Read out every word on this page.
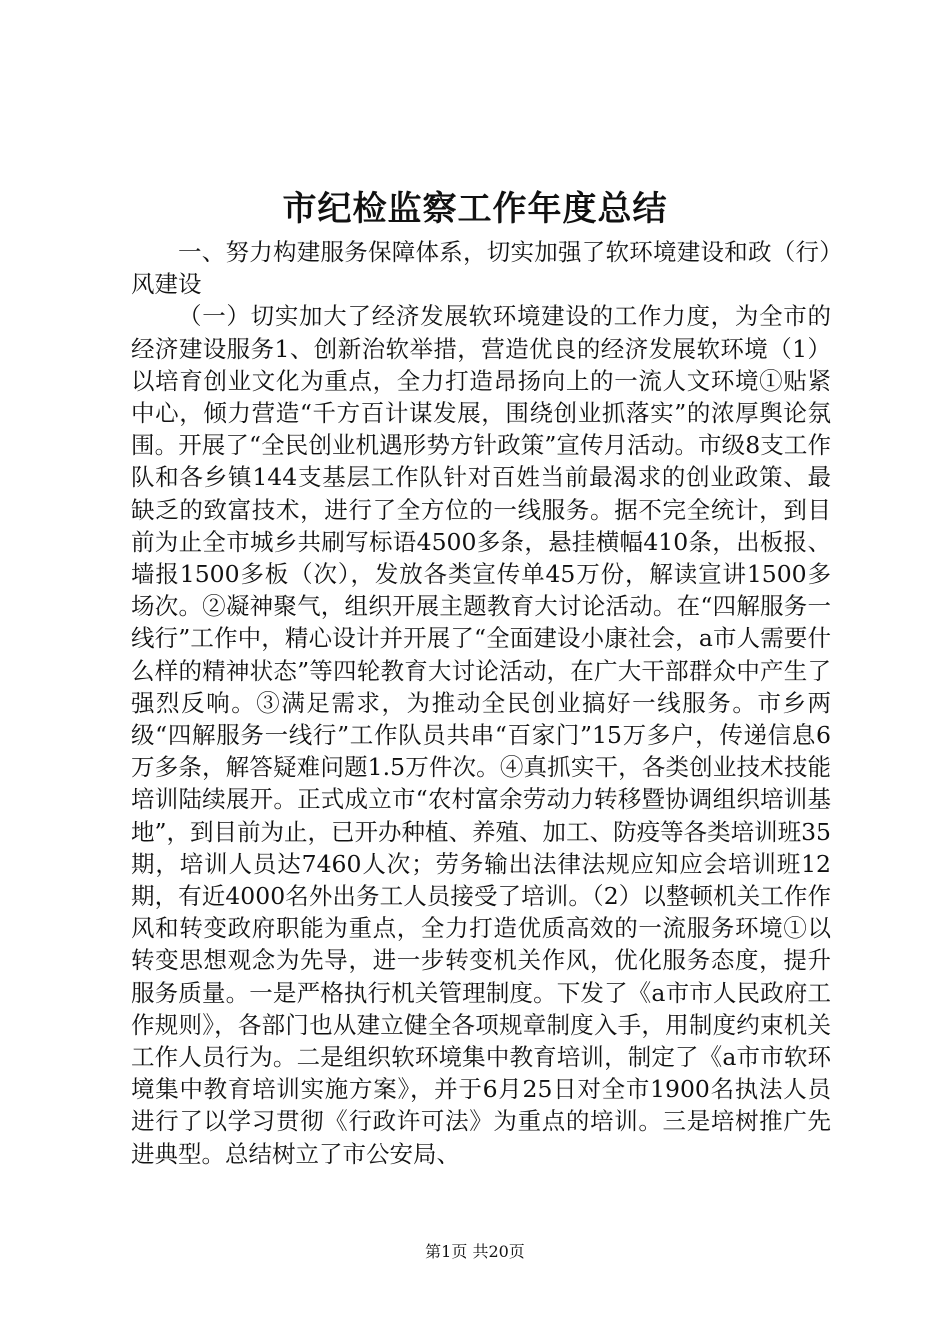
市纪检监察工作年度总结

一、努力构建服务保障体系，切实加强了软环境建设和政（行）风建设

（一）切实加大了经济发展软环境建设的工作力度，为全市的经济建设服务1、创新治软举措，营造优良的经济发展软环境（1）以培育创业文化为重点，全力打造昂扬向上的一流人文环境①贴紧中心，倾力营造“千方百计谋发展，围绕创业抓落实”的浓厚舆论氛围。开展了“全民创业机遇形势方针政策”宣传月活动。市级8支工作队和各乡镇144支基层工作队针对百姓当前最渴求的创业政策、最缺乏的致富技术，进行了全方位的一线服务。据不完全统计，到目前为止全市城乡共刷写标语4500多条，悬挂横幅410条，出板报、墙报1500多板（次），发放各类宣传单45万份，解读宣讲1500多场次。②凝神聚气，组织开展主题教育大讨论活动。在“四解服务一线行”工作中，精心设计并开展了“全面建设小康社会，a市人需要什么样的精神状态”等四轮教育大讨论活动，在广大干部群众中产生了强烈反响。③满足需求，为推动全民创业搞好一线服务。市乡两级“四解服务一线行”工作队员共串“百家门”15万多户，传递信息6万多条，解答疑难问题1.5万件次。④真抓实干，各类创业技术技能培训陆续展开。正式成立市“农村富余劳动力转移暨协调组织培训基地”，到目前为止，已开办种植、养殖、加工、防疫等各类培训班35期，培训人员达7460人次；劳务输出法律法规应知应会培训班12期，有近4000名外出务工人员接受了培训。（2）以整顿机关工作作风和转变政府职能为重点，全力打造优质高效的一流服务环境①以转变思想观念为先导，进一步转变机关作风，优化服务态度，提升服务质量。一是严格执行机关管理制度。下发了《a市市人民政府工作规则》，各部门也从建立健全各项规章制度入手，用制度约束机关工作人员行为。二是组织软环境集中教育培训，制定了《a市市软环境集中教育培训实施方案》，并于6月25日对全市1900名执法人员进行了以学习贯彻《行政许可法》为重点的培训。三是培树推广先进典型。总结树立了市公安局、

第1页 共20页
